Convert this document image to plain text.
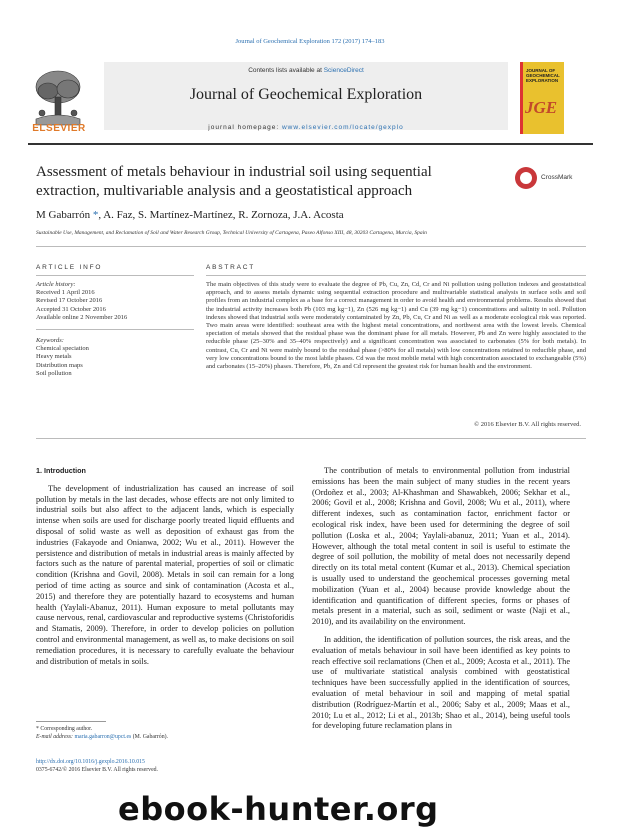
Journal of Geochemical Exploration 172 (2017) 174–183
ELSEVIER
Contents lists available at ScienceDirect
Journal of Geochemical Exploration
journal homepage: www.elsevier.com/locate/gexplo
JOURNAL OF GEOCHEMICAL EXPLORATION
JGE
Assessment of metals behaviour in industrial soil using sequential extraction, multivariable analysis and a geostatistical approach
CrossMark
M Gabarrón *, A. Faz, S. Martínez-Martínez, R. Zornoza, J.A. Acosta
Sustainable Use, Management, and Reclamation of Soil and Water Research Group, Technical University of Cartagena, Paseo Alfonso XIII, 48, 30203 Cartagena, Murcia, Spain
ARTICLE INFO	ABSTRACT
Article history:
Received 1 April 2016
Revised 17 October 2016
Accepted 31 October 2016
Available online 2 November 2016
Keywords:
Chemical speciation
Heavy metals
Distribution maps
Soil pollution
The main objectives of this study were to evaluate the degree of Pb, Cu, Zn, Cd, Cr and Ni pollution using pollution indexes and geostatistical approach, and to assess metals dynamic using sequential extraction procedure and multivariable statistical analysis in surface soils and soil profiles from an industrial complex as a base for a correct management in order to avoid health and environmental problems. Results showed that the industrial activity increases both Pb (103 mg kg−1), Zn (526 mg kg−1) and Cu (39 mg kg−1) concentrations and salinity in soil. Pollution indexes showed that industrial soils were moderately contaminated by Zn, Pb, Cu, Cr and Ni as well as a moderate ecological risk was reported. Two main areas were identified: southeast area with the highest metal concentrations, and northwest area with the lowest levels. Chemical speciation of metals showed that the residual phase was the dominant phase for all metals. However, Pb and Zn were highly associated to the reducible phase (25–30% and 35–40% respectively) and a significant concentration was associated to carbonates (5% for both metals). In contrast, Cu, Cr and Ni were mainly bound to the residual phase (>80% for all metals) with low concentrations retained to reducible phase, and very low concentrations bound to the most labile phases. Cd was the most mobile metal with high concentration associated to exchangeable (5%) and carbonates (15–20%) phases. Therefore, Pb, Zn and Cd represent the greatest risk for human health and the environment.
© 2016 Elsevier B.V. All rights reserved.

1. Introduction

The development of industrialization has caused an increase of soil pollution by metals in the last decades, whose effects are not only limited to industrial soils but also affect to the adjacent lands, which is especially intense when soils are used for discharge poorly treated liquid effluents and disposal of solid waste as well as deposition of exhaust gas from the industries (Fakayode and Onianwa, 2002; Wu et al., 2011). However the persistence and distribution of metals in industrial areas is mainly affected by factors such as the nature of parental material, properties of soil or climatic condition (Krishna and Govil, 2008). Metals in soil can remain for a long period of time acting as source and sink of contamination (Acosta et al., 2015) and therefore they are potentially hazard to ecosystems and human health (Yaylali-Abanuz, 2011). Human exposure to metal pollutants may cause nervous, renal, cardiovascular and reproductive systems (Christoforidis and Stamatis, 2009). Therefore, in order to develop policies on pollution control and environmental management, as well as, to make decisions on soil remediation procedures, it is necessary to carefully evaluate the behaviour and distribution of metals in soils.

The contribution of metals to environmental pollution from industrial emissions has been the main subject of many studies in the recent years (Ordoñez et al., 2003; Al-Khashman and Shawabkeh, 2006; Sekhar et al., 2006; Govil et al., 2008; Krishna and Govil, 2008; Wu et al., 2011), where different indexes, such as contamination factor, enrichment factor or ecological risk index, have been used for determining the degree of soil pollution (Loska et al., 2004; Yaylali-abanuz, 2011; Yuan et al., 2014). However, although the total metal content in soil is useful to estimate the degree of soil pollution, the mobility of metal does not necessarily depend directly on its total metal content (Kumar et al., 2013). Chemical speciation is usually used to understand the geochemical processes governing metal mobilization (Yuan et al., 2004) because provide knowledge about the identification and quantification of different species, forms or phases of metals present in a material, such as soil, sediment or waste (Naji et al., 2010), and its availability on the environment.

In addition, the identification of pollution sources, the risk areas, and the evaluation of metals behaviour in soil have been identified as key points to reach effective soil reclamations (Chen et al., 2009; Acosta et al., 2011). The use of multivariate statistical analysis combined with geostatistical techniques have been successfully applied in the identification of sources, evaluation of metal behaviour in soil and mapping of metal spatial distribution (Rodríguez-Martín et al., 2006; Saby et al., 2009; Maas et al., 2010; Lu et al., 2012; Li et al., 2013b; Shao et al., 2014), being useful tools for developing future reclamation plans in

* Corresponding author.
E-mail address: maria.gabarron@upct.es (M. Gabarrón).
http://dx.doi.org/10.1016/j.gexplo.2016.10.015
0375-6742/© 2016 Elsevier B.V. All rights reserved.
ebook-hunter.org
